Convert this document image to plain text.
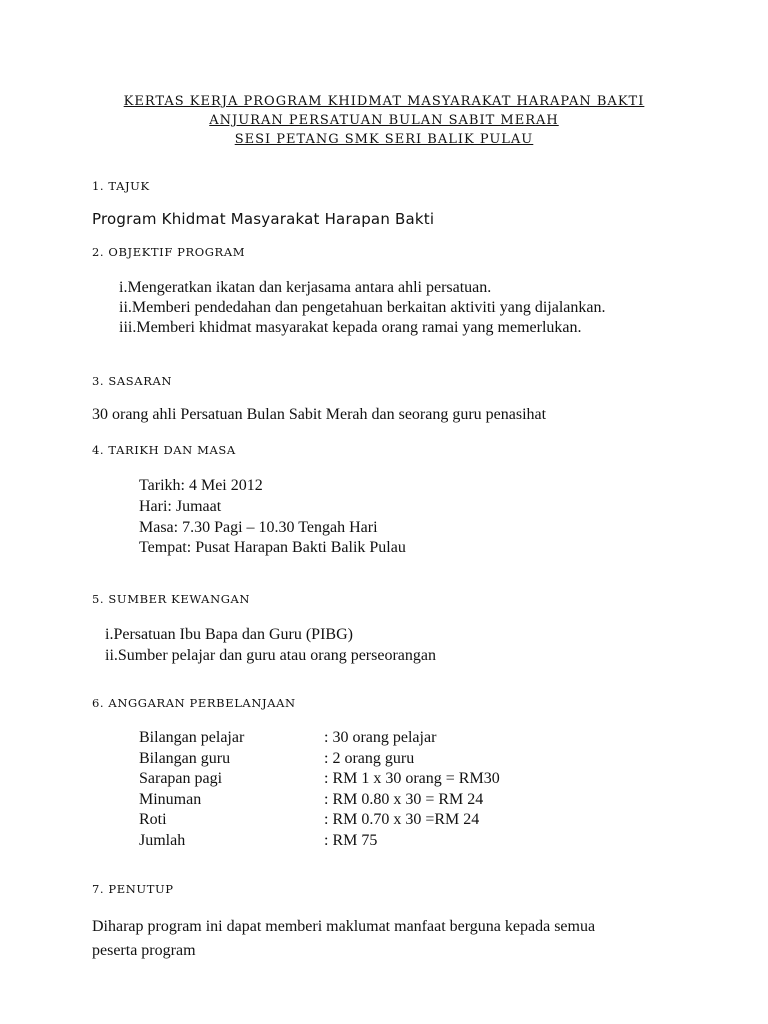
KERTAS KERJA PROGRAM KHIDMAT MASYARAKAT HARAPAN BAKTI
ANJURAN PERSATUAN BULAN SABIT MERAH
SESI PETANG SMK SERI BALIK PULAU
1. TAJUK
Program Khidmat Masyarakat Harapan Bakti
2. OBJEKTIF PROGRAM
i.Mengeratkan ikatan dan kerjasama antara ahli persatuan.
ii.Memberi pendedahan dan pengetahuan berkaitan aktiviti yang dijalankan.
iii.Memberi khidmat masyarakat kepada orang ramai yang memerlukan.
3. SASARAN
30 orang ahli Persatuan Bulan Sabit Merah dan seorang guru penasihat
4. TARIKH DAN MASA
Tarikh: 4 Mei 2012
Hari: Jumaat
Masa: 7.30 Pagi – 10.30 Tengah Hari
Tempat: Pusat Harapan Bakti Balik Pulau
5. SUMBER KEWANGAN
i.Persatuan Ibu Bapa dan Guru (PIBG)
ii.Sumber pelajar dan guru atau orang perseorangan
6. ANGGARAN PERBELANJAAN
Bilangan pelajar	: 30 orang pelajar
Bilangan guru	: 2 orang guru
Sarapan pagi	: RM 1 x 30 orang = RM30
Minuman	: RM 0.80 x 30 = RM 24
Roti	: RM 0.70 x 30 =RM 24
Jumlah	: RM 75
7. PENUTUP
Diharap program ini dapat memberi maklumat manfaat berguna kepada semua
peserta program
